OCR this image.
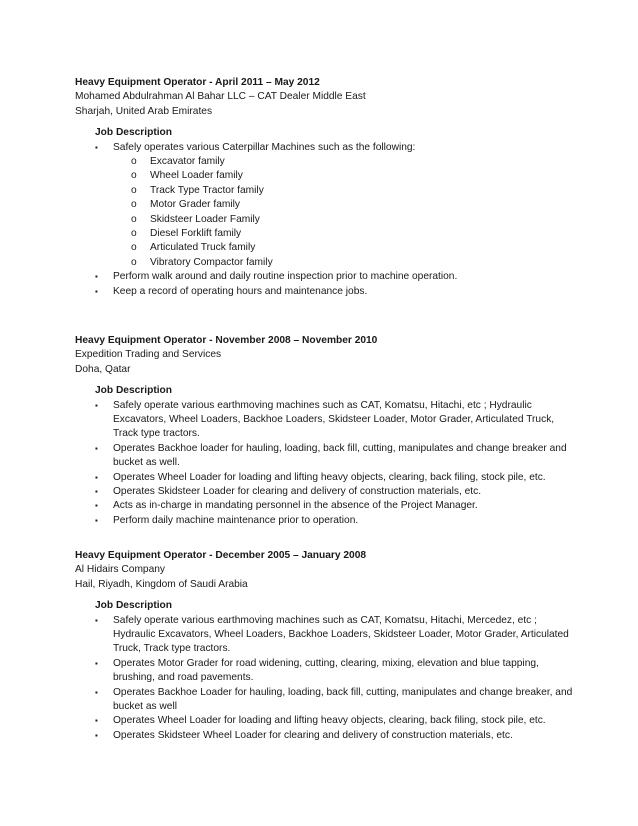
Heavy Equipment Operator - April 2011 – May 2012
Mohamed Abdulrahman Al Bahar LLC – CAT Dealer Middle East
Sharjah, United Arab Emirates
Job Description
▪ Safely operates various Caterpillar Machines such as the following:
o Excavator family
o Wheel Loader family
o Track Type Tractor family
o Motor Grader family
o Skidsteer Loader Family
o Diesel Forklift family
o Articulated Truck family
o Vibratory Compactor family
▪ Perform walk around and daily routine inspection prior to machine operation.
▪ Keep a record of operating hours and maintenance jobs.
Heavy Equipment Operator - November 2008 – November 2010
Expedition Trading and Services
Doha, Qatar
Job Description
▪ Safely operate various earthmoving machines such as CAT, Komatsu, Hitachi, etc ; Hydraulic Excavators, Wheel Loaders, Backhoe Loaders, Skidsteer Loader, Motor Grader, Articulated Truck, Track type tractors.
▪ Operates Backhoe loader for hauling, loading, back fill, cutting, manipulates and change breaker and bucket as well.
▪ Operates Wheel Loader for loading and lifting heavy objects, clearing, back filing, stock pile, etc.
▪ Operates Skidsteer Loader for clearing and delivery of construction materials, etc.
▪ Acts as in-charge in mandating personnel in the absence of the Project Manager.
▪ Perform daily machine maintenance prior to operation.
Heavy Equipment Operator - December 2005 – January 2008
Al Hidairs Company
Hail, Riyadh, Kingdom of Saudi Arabia
Job Description
▪ Safely operate various earthmoving machines such as CAT, Komatsu, Hitachi, Mercedez, etc ; Hydraulic Excavators, Wheel Loaders, Backhoe Loaders, Skidsteer Loader, Motor Grader, Articulated Truck, Track type tractors.
▪ Operates Motor Grader for road widening, cutting, clearing, mixing, elevation and blue tapping, brushing, and road pavements.
▪ Operates Backhoe Loader for hauling, loading, back fill, cutting, manipulates and change breaker, and bucket as well
▪ Operates Wheel Loader for loading and lifting heavy objects, clearing, back filing, stock pile, etc.
▪ Operates Skidsteer Wheel Loader for clearing and delivery of construction materials, etc.
